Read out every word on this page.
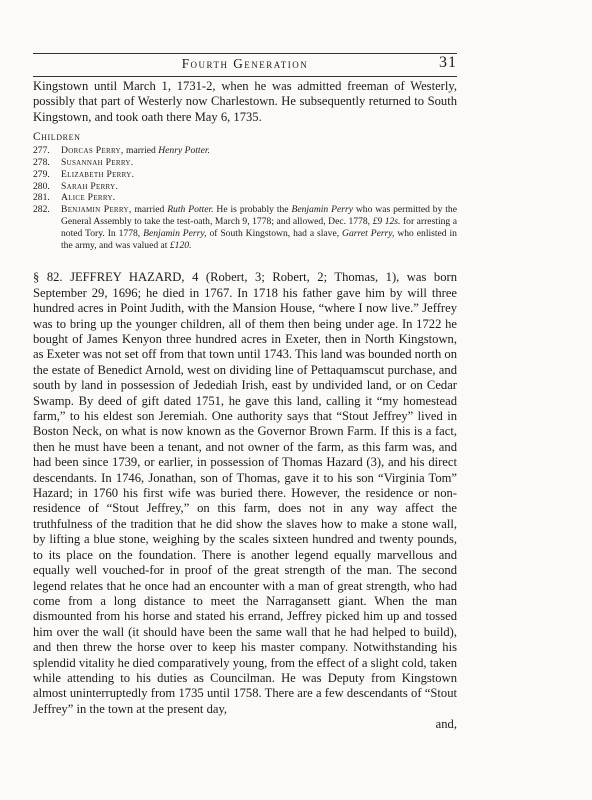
Fourth Generation	31

Kingstown until March 1, 1731-2, when he was admitted freeman of Westerly, possibly that part of Westerly now Charlestown. He subsequently returned to South Kingstown, and took oath there May 6, 1735.

Children
277.	Dorcas Perry, married Henry Potter.
278.	Susannah Perry.
279.	Elizabeth Perry.
280.	Sarah Perry.
281.	Alice Perry.
282.	Benjamin Perry, married Ruth Potter. He is probably the Benjamin Perry who was permitted by the General Assembly to take the test-oath, March 9, 1778; and allowed, Dec. 1778, £9 12s. for arresting a noted Tory. In 1778, Benjamin Perry, of South Kingstown, had a slave, Garret Perry, who enlisted in the army, and was valued at £120.

§ 82. JEFFREY HAZARD, 4 (Robert, 3; Robert, 2; Thomas, 1), was born September 29, 1696; he died in 1767. In 1718 his father gave him by will three hundred acres in Point Judith, with the Mansion House, “where I now live.” Jeffrey was to bring up the younger children, all of them then being under age. In 1722 he bought of James Kenyon three hundred acres in Exeter, then in North Kingstown, as Exeter was not set off from that town until 1743. This land was bounded north on the estate of Benedict Arnold, west on dividing line of Pettaquamscut purchase, and south by land in possession of Jedediah Irish, east by undivided land, or on Cedar Swamp. By deed of gift dated 1751, he gave this land, calling it “my homestead farm,” to his eldest son Jeremiah. One authority says that “Stout Jeffrey” lived in Boston Neck, on what is now known as the Governor Brown Farm. If this is a fact, then he must have been a tenant, and not owner of the farm, as this farm was, and had been since 1739, or earlier, in possession of Thomas Hazard (3), and his direct descendants. In 1746, Jonathan, son of Thomas, gave it to his son “Virginia Tom” Hazard; in 1760 his first wife was buried there. However, the residence or non-residence of “Stout Jeffrey,” on this farm, does not in any way affect the truthfulness of the tradition that he did show the slaves how to make a stone wall, by lifting a blue stone, weighing by the scales sixteen hundred and twenty pounds, to its place on the foundation. There is another legend equally marvellous and equally well vouched-for in proof of the great strength of the man. The second legend relates that he once had an encounter with a man of great strength, who had come from a long distance to meet the Narragansett giant. When the man dismounted from his horse and stated his errand, Jeffrey picked him up and tossed him over the wall (it should have been the same wall that he had helped to build), and then threw the horse over to keep his master company. Notwithstanding his splendid vitality he died comparatively young, from the effect of a slight cold, taken while attending to his duties as Councilman. He was Deputy from Kingstown almost uninterruptedly from 1735 until 1758. There are a few descendants of “Stout Jeffrey” in the town at the present day,

and,
